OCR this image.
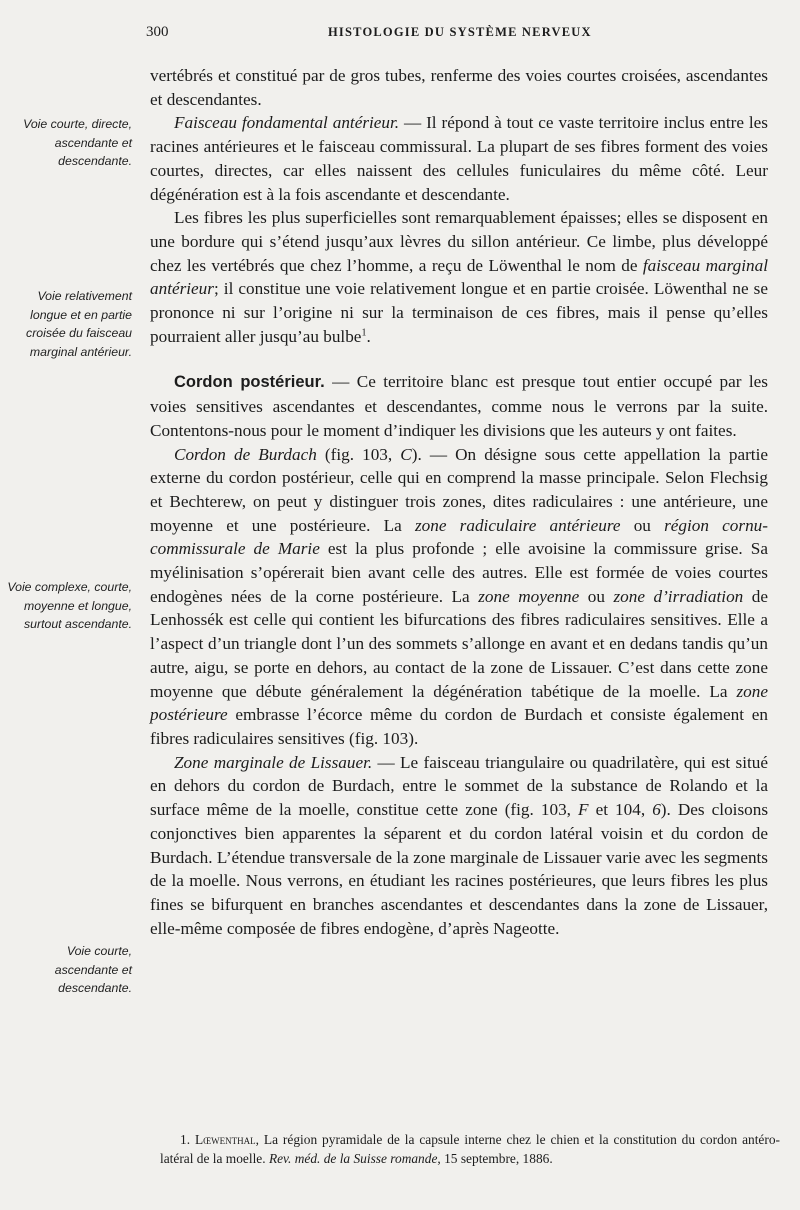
300	HISTOLOGIE DU SYSTÈME NERVEUX
Voie courte, directe, ascendante et descendante.
Voie relativement longue et en partie croisée du faisceau marginal antérieur.
Voie complexe, courte, moyenne et longue, surtout ascendante.
Voie courte, ascendante et descendante.

vertébrés et constitué par de gros tubes, renferme des voies courtes croisées, ascendantes et descendantes.

Faisceau fondamental antérieur. — Il répond à tout ce vaste territoire inclus entre les racines antérieures et le faisceau commissural. La plupart de ses fibres forment des voies courtes, directes, car elles naissent des cellules funiculaires du même côté. Leur dégénération est à la fois ascendante et descendante.

Les fibres les plus superficielles sont remarquablement épaisses; elles se disposent en une bordure qui s’étend jusqu’aux lèvres du sillon antérieur. Ce limbe, plus développé chez les vertébrés que chez l’homme, a reçu de Löwenthal le nom de faisceau marginal antérieur; il constitue une voie relativement longue et en partie croisée. Löwenthal ne se prononce ni sur l’origine ni sur la terminaison de ces fibres, mais il pense qu’elles pourraient aller jusqu’au bulbe$^1$.

Cordon postérieur. — Ce territoire blanc est presque tout entier occupé par les voies sensitives ascendantes et descendantes, comme nous le verrons par la suite. Contentons-nous pour le moment d’indiquer les divisions que les auteurs y ont faites.

Cordon de Burdach (fig. 103, C). — On désigne sous cette appellation la partie externe du cordon postérieur, celle qui en comprend la masse principale. Selon Flechsig et Bechterew, on peut y distinguer trois zones, dites radiculaires : une antérieure, une moyenne et une postérieure. La zone radiculaire antérieure ou région cornu-commissurale de Marie est la plus profonde ; elle avoisine la commissure grise. Sa myélinisation s’opérerait bien avant celle des autres. Elle est formée de voies courtes endogènes nées de la corne postérieure. La zone moyenne ou zone d’irradiation de Lenhossék est celle qui contient les bifurcations des fibres radiculaires sensitives. Elle a l’aspect d’un triangle dont l’un des sommets s’allonge en avant et en dedans tandis qu’un autre, aigu, se porte en dehors, au contact de la zone de Lissauer. C’est dans cette zone moyenne que débute généralement la dégénération tabétique de la moelle. La zone postérieure embrasse l’écorce même du cordon de Burdach et consiste également en fibres radiculaires sensitives (fig. 103).

Zone marginale de Lissauer. — Le faisceau triangulaire ou quadrilatère, qui est situé en dehors du cordon de Burdach, entre le sommet de la substance de Rolando et la surface même de la moelle, constitue cette zone (fig. 103, F et 104, 6). Des cloisons conjonctives bien apparentes la séparent et du cordon latéral voisin et du cordon de Burdach. L’étendue transversale de la zone marginale de Lissauer varie avec les segments de la moelle. Nous verrons, en étudiant les racines postérieures, que leurs fibres les plus fines se bifurquent en branches ascendantes et descendantes dans la zone de Lissauer, elle-même composée de fibres endogène, d’après Nageotte.

1. Lœwenthal, La région pyramidale de la capsule interne chez le chien et la constitution du cordon antéro-latéral de la moelle. Rev. méd. de la Suisse romande, 15 septembre, 1886.
